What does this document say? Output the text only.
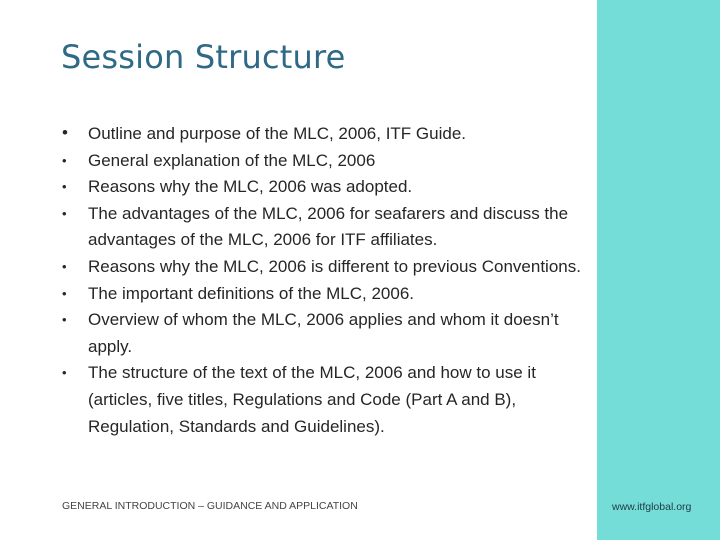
Session Structure
•	Outline and purpose of the MLC, 2006, ITF Guide.
•	General explanation of the MLC, 2006
•	Reasons why the MLC, 2006 was adopted.
•	The advantages of the MLC, 2006 for seafarers and discuss the advantages of the MLC, 2006 for ITF affiliates.
•	Reasons why the MLC, 2006 is different to previous Conventions.
•	The important definitions of the MLC, 2006.
•	Overview of whom the MLC, 2006 applies and whom it doesn’t apply.
•	The structure of the text of the MLC, 2006 and how to use it (articles, five titles, Regulations and Code (Part A and B), Regulation, Standards and Guidelines).
GENERAL INTRODUCTION – GUIDANCE AND APPLICATION	www.itfglobal.org
